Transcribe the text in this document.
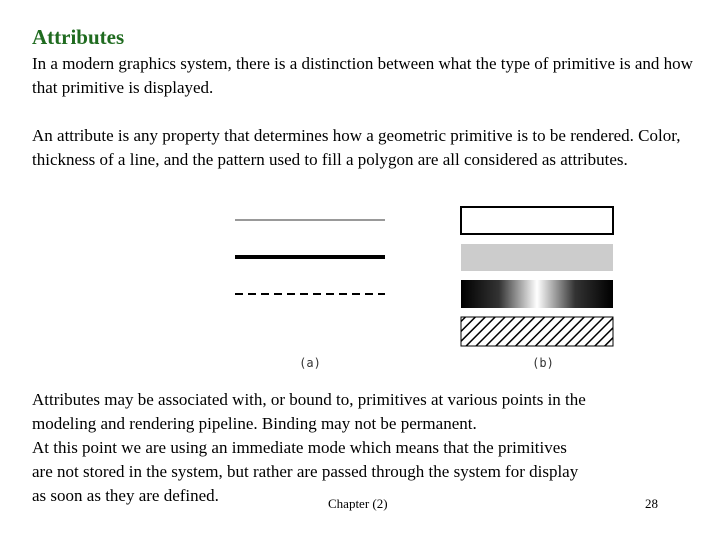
Attributes

In a modern graphics system, there is a distinction between what the type of primitive is and how that primitive is displayed.

An attribute is any property that determines how a geometric primitive is to be rendered. Color, thickness of a line, and the pattern used to fill a polygon are all considered as attributes.

(a)	(b)

Attributes may be associated with, or bound to, primitives at various points in the
modeling and rendering pipeline. Binding may not be permanent.
At this point we are using an immediate mode which means that the primitives
are not stored in the system, but rather are passed through the system for display
as soon as they are defined.	Chapter (2)	28
